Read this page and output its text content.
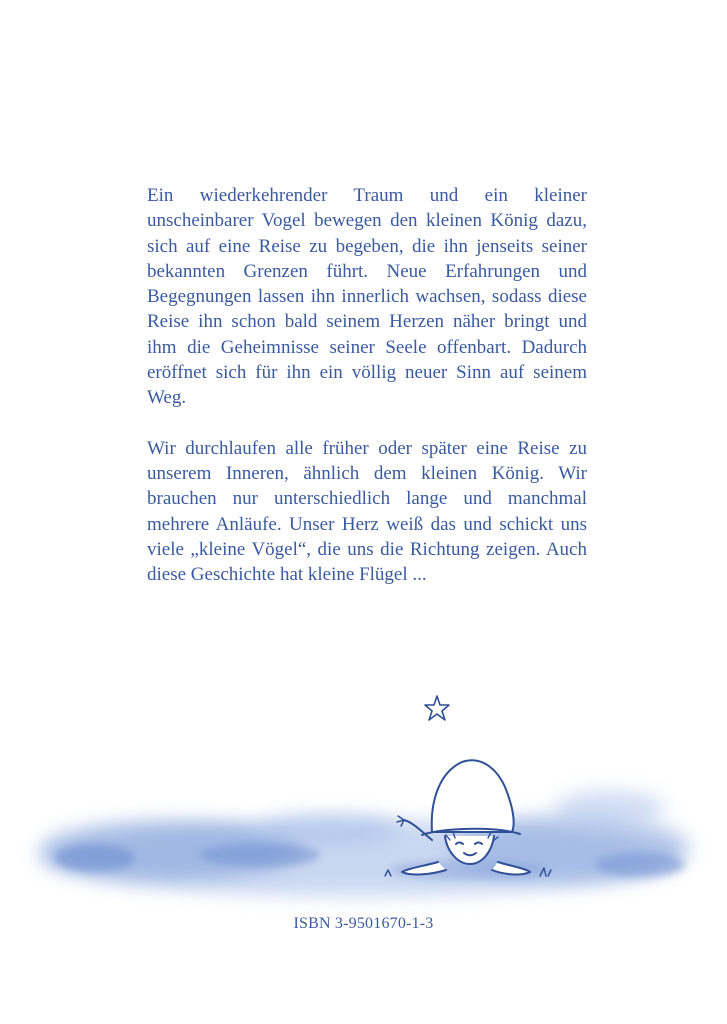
Ein wiederkehrender Traum und ein kleiner unscheinbarer Vogel bewegen den kleinen König dazu, sich auf eine Reise zu begeben, die ihn jenseits seiner bekannten Grenzen führt. Neue Erfahrungen und Begegnungen lassen ihn innerlich wachsen, sodass diese Reise ihn schon bald seinem Herzen näher bringt und ihm die Geheimnisse seiner Seele offenbart. Dadurch eröffnet sich für ihn ein völlig neuer Sinn auf seinem Weg.

Wir durchlaufen alle früher oder später eine Reise zu unserem Inneren, ähnlich dem kleinen König. Wir brauchen nur unterschiedlich lange und manchmal mehrere Anläufe. Unser Herz weiß das und schickt uns viele „kleine Vögel“, die uns die Richtung zeigen. Auch diese Geschichte hat kleine Flügel ...

ISBN 3-9501670-1-3
